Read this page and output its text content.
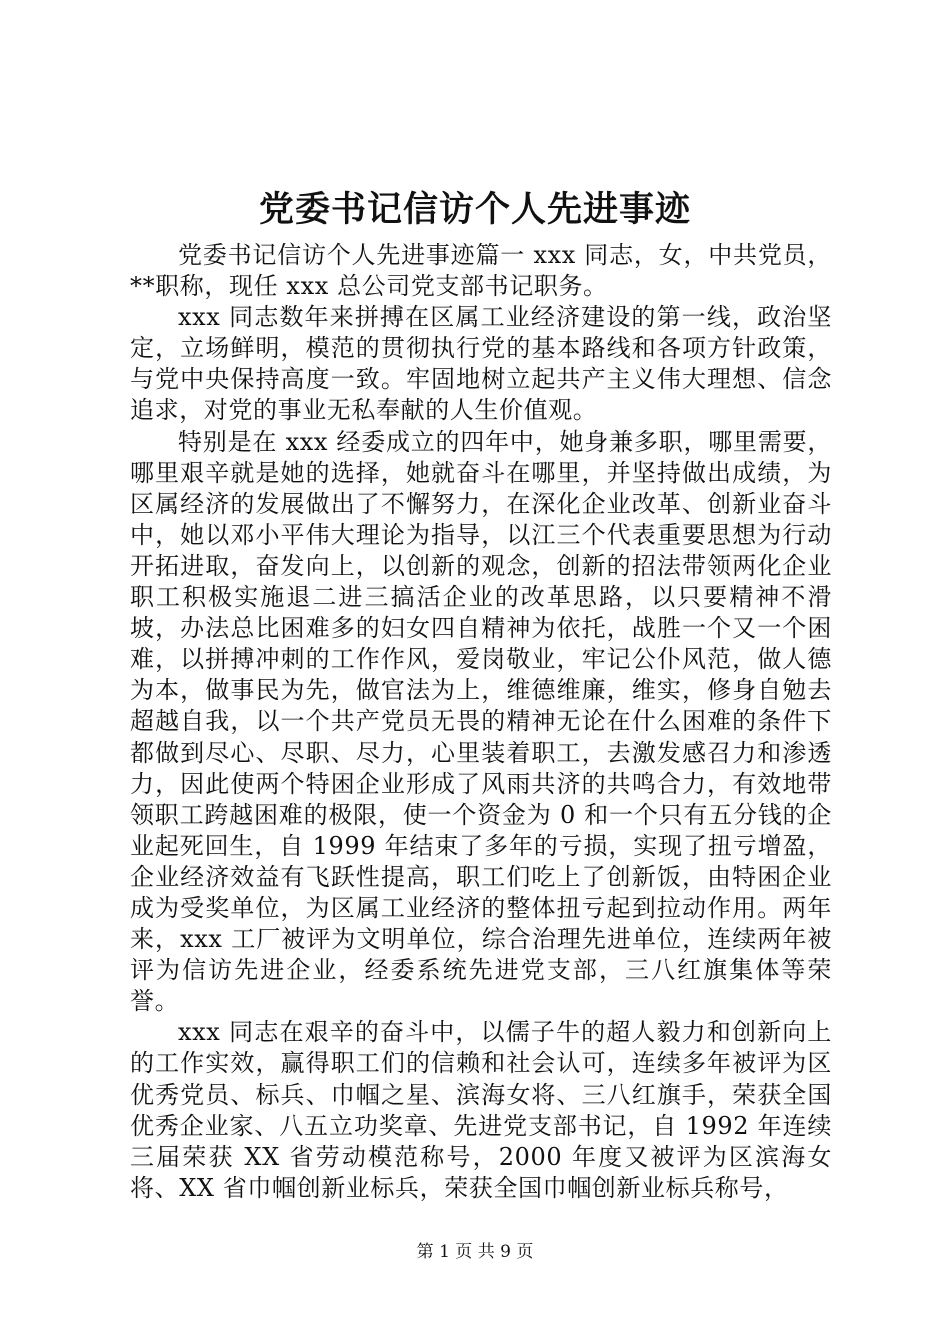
党委书记信访个人先进事迹

党委书记信访个人先进事迹篇一 xxx 同志，女，中共党员，**职称，现任 xxx 总公司党支部书记职务。

xxx 同志数年来拼搏在区属工业经济建设的第一线，政治坚定，立场鲜明，模范的贯彻执行党的基本路线和各项方针政策，与党中央保持高度一致。牢固地树立起共产主义伟大理想、信念追求，对党的事业无私奉献的人生价值观。

特别是在 xxx 经委成立的四年中，她身兼多职，哪里需要，哪里艰辛就是她的选择，她就奋斗在哪里，并坚持做出成绩，为区属经济的发展做出了不懈努力，在深化企业改革、创新业奋斗中，她以邓小平伟大理论为指导，以江三个代表重要思想为行动开拓进取，奋发向上，以创新的观念，创新的招法带领两化企业职工积极实施退二进三搞活企业的改革思路，以只要精神不滑坡，办法总比困难多的妇女四自精神为依托，战胜一个又一个困难，以拼搏冲刺的工作作风，爱岗敬业，牢记公仆风范，做人德为本，做事民为先，做官法为上，维德维廉，维实，修身自勉去超越自我，以一个共产党员无畏的精神无论在什么困难的条件下都做到尽心、尽职、尽力，心里装着职工，去激发感召力和渗透力，因此使两个特困企业形成了风雨共济的共鸣合力，有效地带领职工跨越困难的极限，使一个资金为 0 和一个只有五分钱的企业起死回生，自 1999 年结束了多年的亏损，实现了扭亏增盈，企业经济效益有飞跃性提高，职工们吃上了创新饭，由特困企业成为受奖单位，为区属工业经济的整体扭亏起到拉动作用。两年来，xxx 工厂被评为文明单位，综合治理先进单位，连续两年被评为信访先进企业，经委系统先进党支部，三八红旗集体等荣誉。

xxx 同志在艰辛的奋斗中，以儒子牛的超人毅力和创新向上的工作实效，赢得职工们的信赖和社会认可，连续多年被评为区优秀党员、标兵、巾帼之星、滨海女将、三八红旗手，荣获全国优秀企业家、八五立功奖章、先进党支部书记，自 1992 年连续三届荣获 XX 省劳动模范称号，2000 年度又被评为区滨海女将、XX 省巾帼创新业标兵，荣获全国巾帼创新业标兵称号，

第 1 页 共 9 页
